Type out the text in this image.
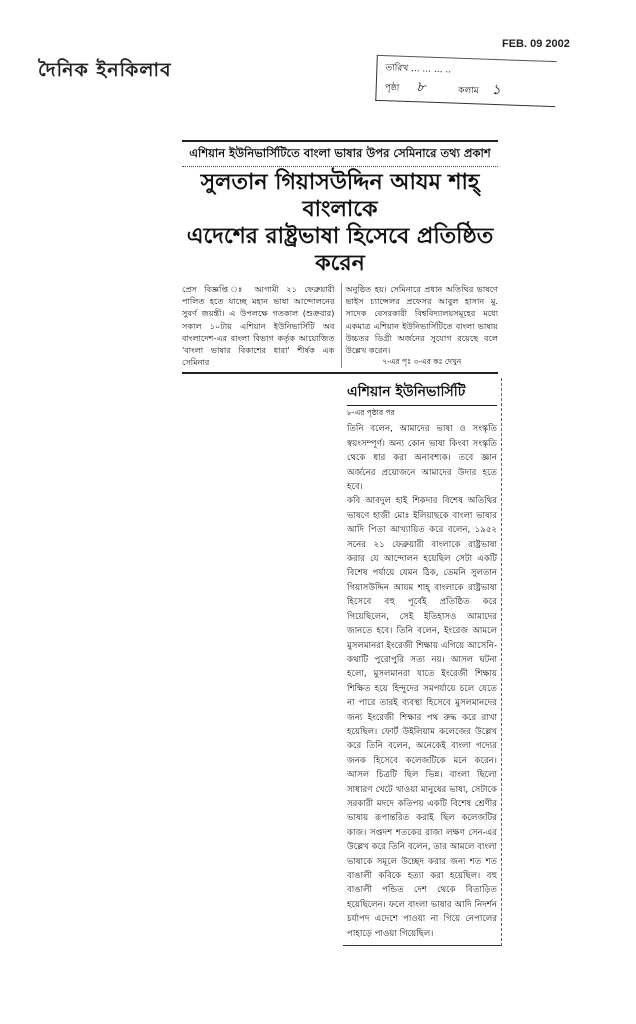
দৈনিক ইনকিলাব
FEB. 09 2002
তারিখ ... ... ... ..
পৃষ্ঠা ৮	কলাম ১
এশিয়ান ইউনিভার্সিটিতে বাংলা ভাষার উপর সেমিনারে তথ্য প্রকাশ
সুলতান গিয়াসউদ্দিন আযম শাহ্ বাংলাকে
এদেশের রাষ্ট্রভাষা হিসেবে প্রতিষ্ঠিত করেন
প্রেস বিজ্ঞপ্তি ঃ আগামী ২১ ফেব্রুয়ারী পালিত হতে যাচ্ছে মহান ভাষা আন্দোলনের সুবর্ণ জয়ন্তী। এ উপলক্ষে গতকাল (শুক্রবার) সকাল ১০টায় এশিয়ান ইউনিভার্সিটি অব বাংলাদেশ-এর বাংলা বিভাগ কর্তৃক আয়োজিত 'বাংলা ভাষার বিকাশের ধারা' শীর্ষক এক সেমিনার
অনুষ্ঠিত হয়। সেমিনারে প্রধান অতিথির ভাষণে ভাইস চ্যান্সেলর প্রফেসর আবুল হাসান মু. সাদেক বেসরকারী বিশ্ববিদ্যালয়সমূহের মধ্যে একমাত্র এশিয়ান ইউনিভার্সিটিতে বাংলা ভাষায় উচ্চতর ডিগ্রী অর্জনের সুযোগ রয়েছে বলে উল্লেখ করেন।
৭-এর পৃঃ ৩-এর কঃ দেখুন
এশিয়ান ইউনিভার্সিটি
৮-এর পৃষ্ঠার পর

তিনি বলেন, আমাদের ভাষা ও সংস্কৃতি স্বয়ংসম্পূর্ণ। অন্য কোন ভাষা কিংবা সংস্কৃতি থেকে ধার করা অনাবশ্যক। তবে জ্ঞান অর্জনের প্রয়োজনে আমাদের উদার হতে হবে।

কবি আবদুল হাই শিকদার বিশেষ অতিথির ভাষণে হাজী মোঃ ইলিয়াছকে বাংলা ভাষার আদি পিতা আখ্যায়িত করে বলেন, ১৯৫২ সনের ২১ ফেব্রুয়ারী বাংলাকে রাষ্ট্রভাষা করার যে আন্দোলন হয়েছিল সেটা একটি বিশেষ পর্যায়ে যেমন ঠিক, তেমনি সুলতান গিয়াসউদ্দিন আযম শাহ্ বাংলাকে রাষ্ট্রভাষা হিসেবে বহু পূর্বেই প্রতিষ্ঠিত করে গিয়েছিলেন, সেই ইতিহাসও আমাদের জানতে হবে। তিনি বলেন, ইংরেজ আমলে মুসলমানরা ইংরেজী শিক্ষায় এগিয়ে আসেনি- কথাটি পুরোপুরি সত্য নয়। আসল ঘটনা হলো, মুসলমানরা যাতে ইংরেজী শিক্ষায় শিক্ষিত হয়ে হিন্দুদের সমপর্যায়ে চলে যেতে না পারে তারই ব্যবস্থা হিসেবে মুসলমানদের জন্য ইংরেজী শিক্ষার পথ রুদ্ধ করে রাখা হয়েছিল। ফোর্ট উইলিয়াম কলেজের উল্লেখ করে তিনি বলেন, অনেকেই বাংলা গদ্যের জনক হিসেবে কলেজটিকে মনে করেন। আসল চিত্রটি ছিল ভিন্ন। বাংলা ছিলো সাধারণ খেটে খাওয়া মানুষের ভাষা, সেটাকে সরকারী মদদে কতিপয় একটি বিশেষ শ্রেণীর ভাষায় রূপান্তরিত করাই ছিল কলেজটির কাজ। সপ্তদশ শতকের রাজা লক্ষণ সেন-এর উল্লেখ করে তিনি বলেন, তার আমলে বাংলা ভাষাকে সমূলে উচ্ছেদ করার জন্য শত শত বাঙালী কবিকে হত্যা করা হয়েছিল। বহু বাঙালী পন্ডিত দেশ থেকে বিতাড়িত হয়েছিলেন। ফলে বাংলা ভাষার আদি নিদর্শন চর্যাপদ এদেশে পাওয়া না গিয়ে নেপালের পাহাড়ে পাওয়া গিয়েছিল।
